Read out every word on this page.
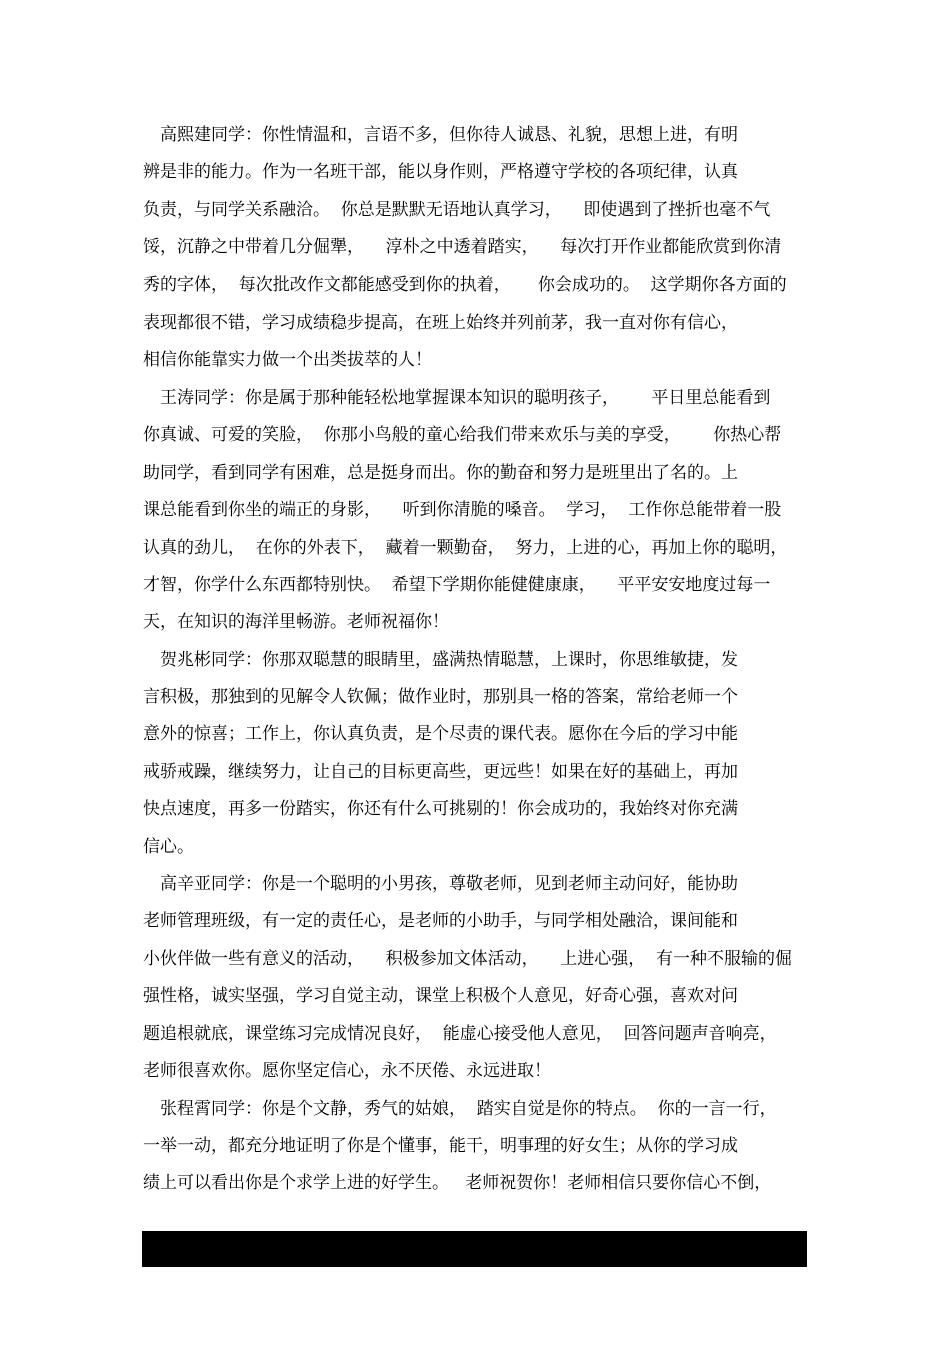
　高熙建同学：你性情温和，言语不多，但你待人诚恳、礼貌，思想上进，有明
辨是非的能力。作为一名班干部，能以身作则，严格遵守学校的各项纪律，认真
负责，与同学关系融洽。  你总是默默无语地认真学习，    即使遇到了挫折也毫不气
馁，沉静之中带着几分倔犟，    淳朴之中透着踏实，    每次打开作业都能欣赏到你清
秀的字体，  每次批改作文都能感受到你的执着，     你会成功的。  这学期你各方面的
表现都很不错，学习成绩稳步提高，在班上始终并列前茅，我一直对你有信心，
相信你能靠实力做一个出类拔萃的人！
　王涛同学：你是属于那种能轻松地掌握课本知识的聪明孩子，      平日里总能看到
你真诚、可爱的笑脸，  你那小鸟般的童心给我们带来欢乐与美的享受，      你热心帮
助同学，看到同学有困难，总是挺身而出。你的勤奋和努力是班里出了名的。上
课总能看到你坐的端正的身影，    听到你清脆的嗓音。  学习，  工作你总能带着一股
认真的劲儿，  在你的外表下，  藏着一颗勤奋，  努力，上进的心，再加上你的聪明，
才智，你学什么东西都特别快。  希望下学期你能健健康康，    平平安安地度过每一
天，在知识的海洋里畅游。老师祝福你！
　贺兆彬同学：你那双聪慧的眼睛里，盛满热情聪慧，上课时，你思维敏捷，发
言积极，那独到的见解令人钦佩；做作业时，那别具一格的答案，常给老师一个
意外的惊喜；工作上，你认真负责，是个尽责的课代表。愿你在今后的学习中能
戒骄戒躁，继续努力，让自己的目标更高些，更远些！如果在好的基础上，再加
快点速度，再多一份踏实，你还有什么可挑剔的！你会成功的，我始终对你充满
信心。
　高辛亚同学：你是一个聪明的小男孩，尊敬老师，见到老师主动问好，能协助
老师管理班级，有一定的责任心，是老师的小助手，与同学相处融洽，课间能和
小伙伴做一些有意义的活动，    积极参加文体活动，    上进心强，  有一种不服输的倔
强性格，诚实坚强，学习自觉主动，课堂上积极个人意见，好奇心强，喜欢对问
题追根就底，课堂练习完成情况良好，  能虚心接受他人意见，  回答问题声音响亮，
老师很喜欢你。愿你坚定信心，永不厌倦、永远进取！
　张程霄同学：你是个文静，秀气的姑娘，  踏实自觉是你的特点。  你的一言一行，
一举一动，都充分地证明了你是个懂事，能干，明事理的好女生；从你的学习成
绩上可以看出你是个求学上进的好学生。   老师祝贺你！老师相信只要你信心不倒，
